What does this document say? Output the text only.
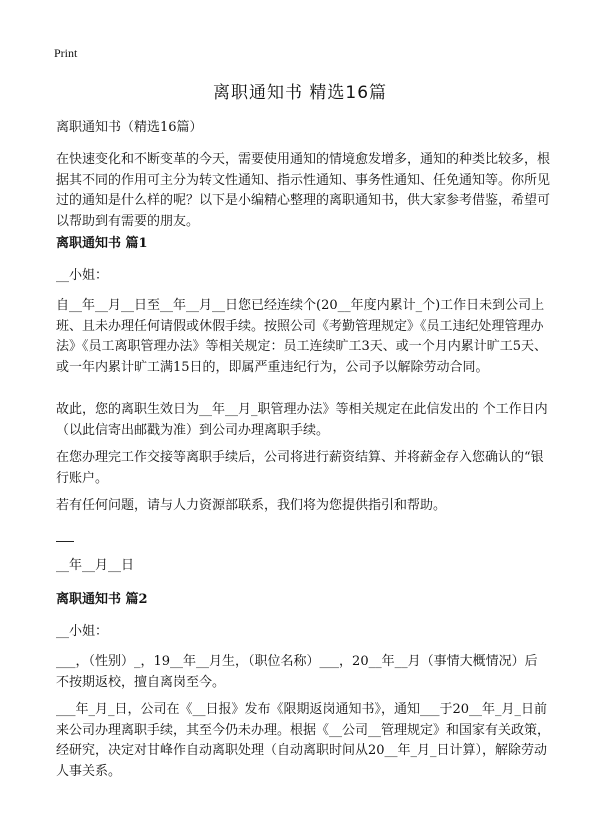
Print
离职通知书 精选16篇

离职通知书（精选16篇）

在快速变化和不断变革的今天，需要使用通知的情境愈发增多，通知的种类比较多，根据其不同的作用可主分为转文性通知、指示性通知、事务性通知、任免通知等。你所见过的通知是什么样的呢？以下是小编精心整理的离职通知书，供大家参考借鉴，希望可以帮助到有需要的朋友。

离职通知书 篇1

__小姐：

自__年__月__日至__年__月__日您已经连续个(20__年度内累计_个)工作日未到公司上班、且未办理任何请假或休假手续。按照公司《考勤管理规定》《员工违纪处理管理办法》《员工离职管理办法》等相关规定：员工连续旷工3天、或一个月内累计旷工5天、或一年内累计旷工满15日的，即属严重违纪行为，公司予以解除劳动合同。

故此，您的离职生效日为__年__月_职管理办法》等相关规定在此信发出的 个工作日内（以此信寄出邮戳为准）到公司办理离职手续。

在您办理完工作交接等离职手续后，公司将进行薪资结算、并将薪金存入您确认的“银行账户。

若有任何问题，请与人力资源部联系，我们将为您提供指引和帮助。

__年__月__日

离职通知书 篇2

__小姐：

___，（性别）_，19__年__月生，（职位名称）___，20__年__月（事情大概情况）后不按期返校，擅自离岗至今。

___年_月_日，公司在《__日报》发布《限期返岗通知书》，通知___于20__年_月_日前来公司办理离职手续，其至今仍未办理。根据《__公司__管理规定》和国家有关政策，经研究，决定对甘峰作自动离职处理（自动离职时间从20__年_月_日计算），解除劳动人事关系。
